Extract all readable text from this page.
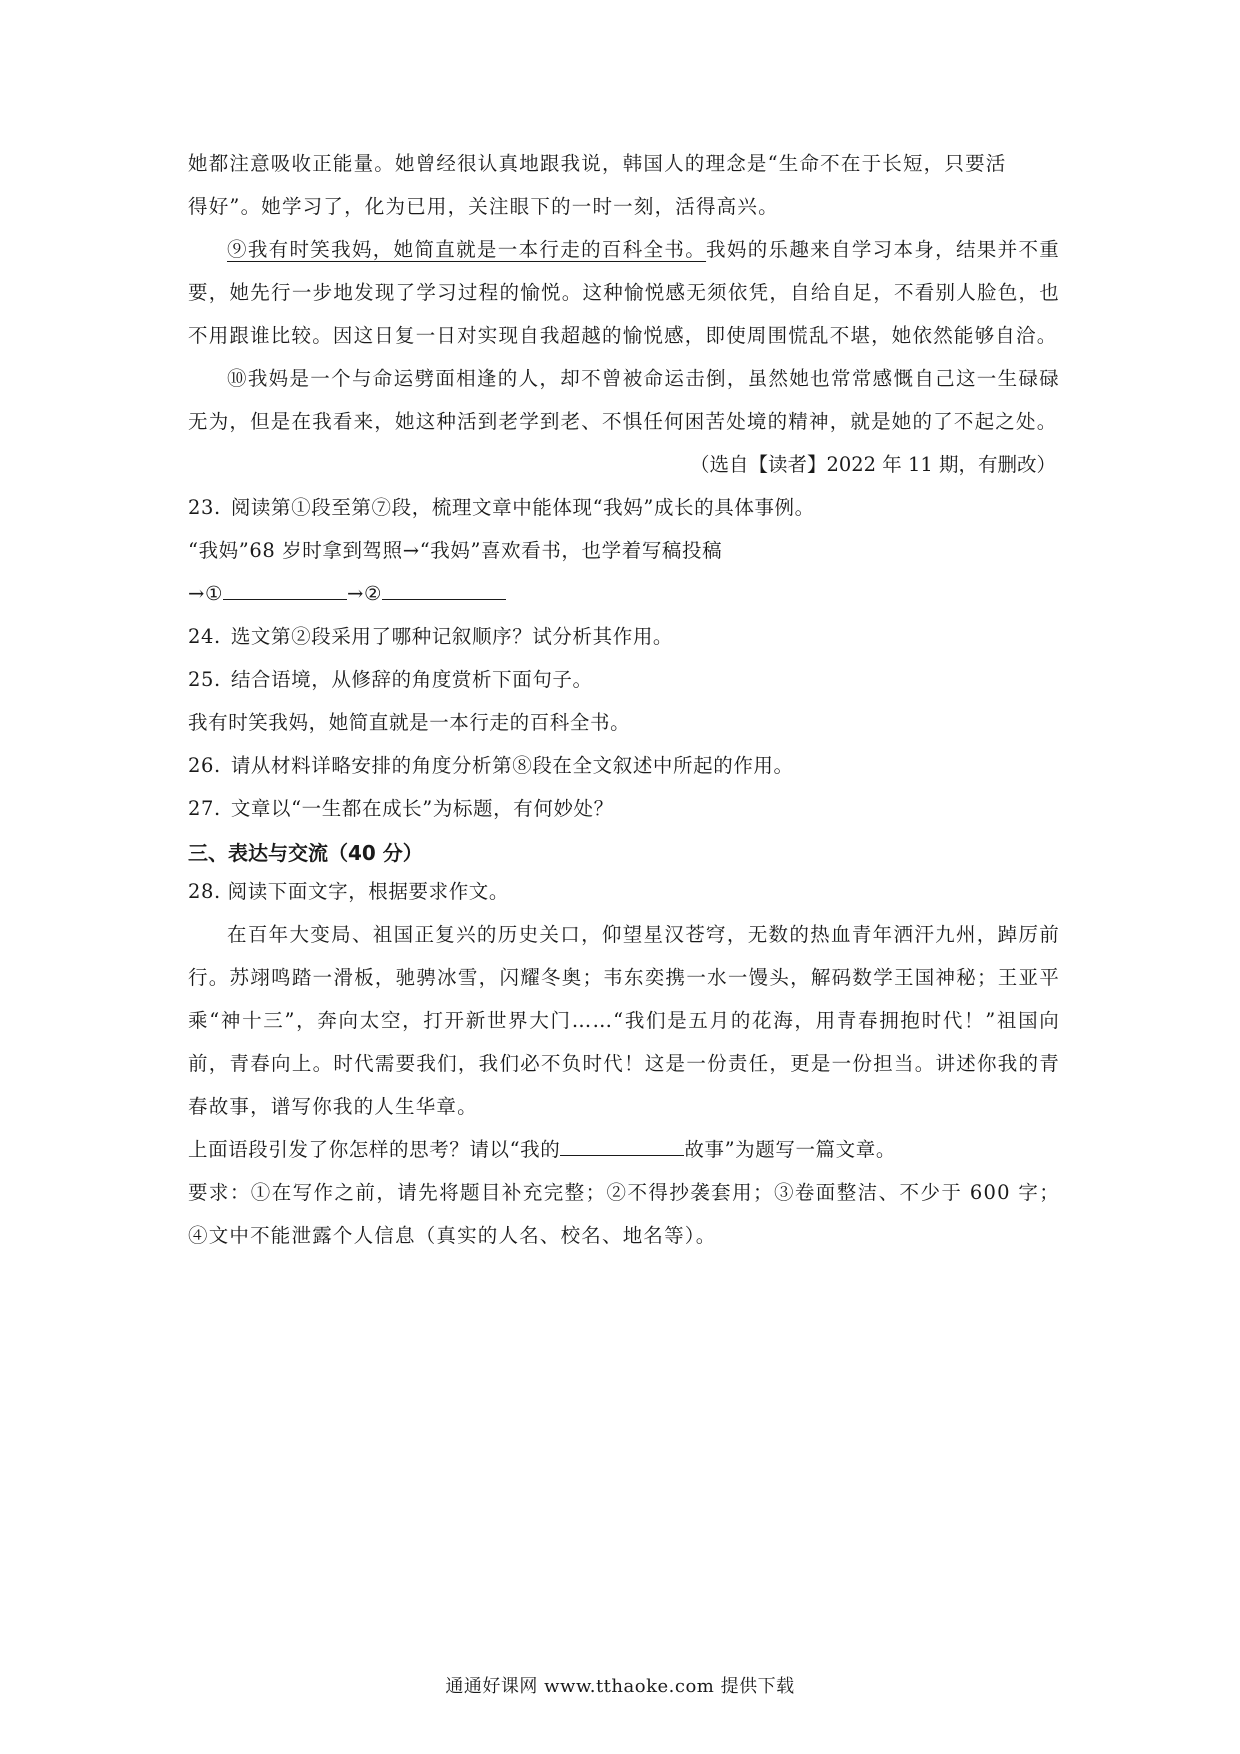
她都注意吸收正能量。她曾经很认真地跟我说，韩国人的理念是“生命不在于长短，只要活
得好”。她学习了，化为已用，关注眼下的一时一刻，活得高兴。

⑨我有时笑我妈，她简直就是一本行走的百科全书。我妈的乐趣来自学习本身，结果并不重要，她先行一步地发现了学习过程的愉悦。这种愉悦感无须依凭，自给自足，不看别人脸色，也不用跟谁比较。因这日复一日对实现自我超越的愉悦感，即使周围慌乱不堪，她依然能够自洽。

⑩我妈是一个与命运劈面相逢的人，却不曾被命运击倒，虽然她也常常感慨自己这一生碌碌无为，但是在我看来，她这种活到老学到老、不惧任何困苦处境的精神，就是她的了不起之处。

（选自【读者】2022 年 11 期，有删改）

23. 阅读第①段至第⑦段，梳理文章中能体现“我妈”成长的具体事例。

“我妈”68 岁时拿到驾照→“我妈”喜欢看书，也学着写稿投稿

→①	→②

24. 选文第②段采用了哪种记叙顺序？试分析其作用。

25. 结合语境，从修辞的角度赏析下面句子。

我有时笑我妈，她简直就是一本行走的百科全书。

26. 请从材料详略安排的角度分析第⑧段在全文叙述中所起的作用。

27. 文章以“一生都在成长”为标题，有何妙处？

三、表达与交流（40 分）

28. 阅读下面文字，根据要求作文。

在百年大变局、祖国正复兴的历史关口，仰望星汉苍穹，无数的热血青年洒汗九州，踔厉前行。苏翊鸣踏一滑板，驰骋冰雪，闪耀冬奥；韦东奕携一水一馒头，解码数学王国神秘；王亚平乘“神十三”，奔向太空，打开新世界大门……“我们是五月的花海，用青春拥抱时代！”祖国向前，青春向上。时代需要我们，我们必不负时代！这是一份责任，更是一份担当。讲述你我的青春故事，谱写你我的人生华章。

上面语段引发了你怎样的思考？请以“我的	故事”为题写一篇文章。

要求：①在写作之前，请先将题目补充完整；②不得抄袭套用；③卷面整洁、不少于 600 字；④文中不能泄露个人信息（真实的人名、校名、地名等）。

通通好课网 www.tthaoke.com 提供下载
